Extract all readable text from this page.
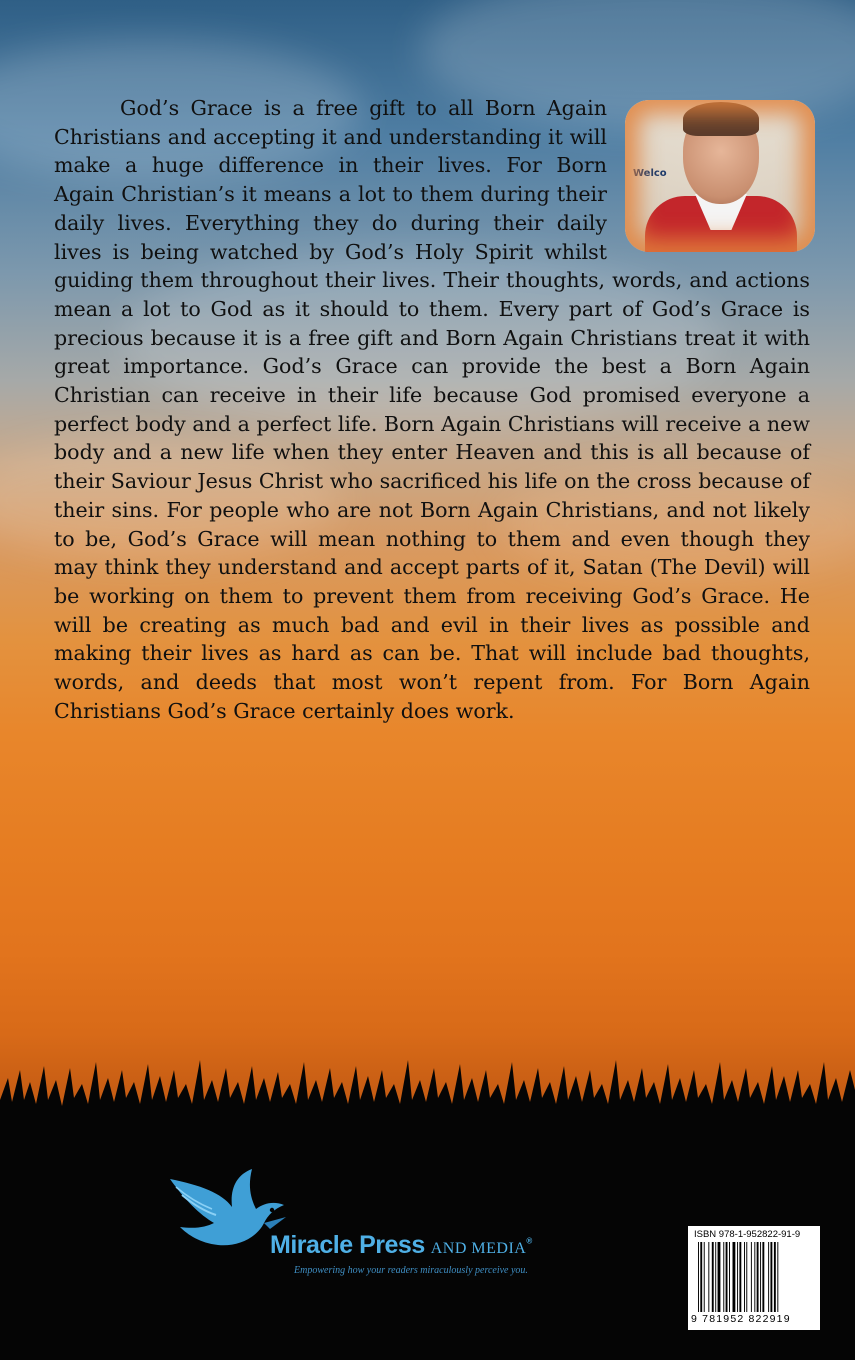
Welco

God’s Grace is a free gift to all Born Again Christians and accepting it and understanding it will make a huge difference in their lives. For Born Again Christian’s it means a lot to them during their daily lives. Everything they do during their daily lives is being watched by God’s Holy Spirit whilst guiding them throughout their lives. Their thoughts, words, and actions mean a lot to God as it should to them. Every part of God’s Grace is precious because it is a free gift and Born Again Christians treat it with great importance. God’s Grace can provide the best a Born Again Christian can receive in their life because God promised everyone a perfect body and a perfect life. Born Again Christians will receive a new body and a new life when they enter Heaven and this is all because of their Saviour Jesus Christ who sacrificed his life on the cross because of their sins. For people who are not Born Again Christians, and not likely to be, God’s Grace will mean nothing to them and even though they may think they understand and accept parts of it, Satan (The Devil) will be working on them to prevent them from receiving God’s Grace. He will be creating as much bad and evil in their lives as possible and making their lives as hard as can be. That will include bad thoughts, words, and deeds that most won’t repent from. For Born Again Christians God’s Grace certainly does work.

Miracle Press AND MEDIA®
Empowering how your readers miraculously perceive you.
ISBN 978-1-952822-91-9
9 781952 822919
